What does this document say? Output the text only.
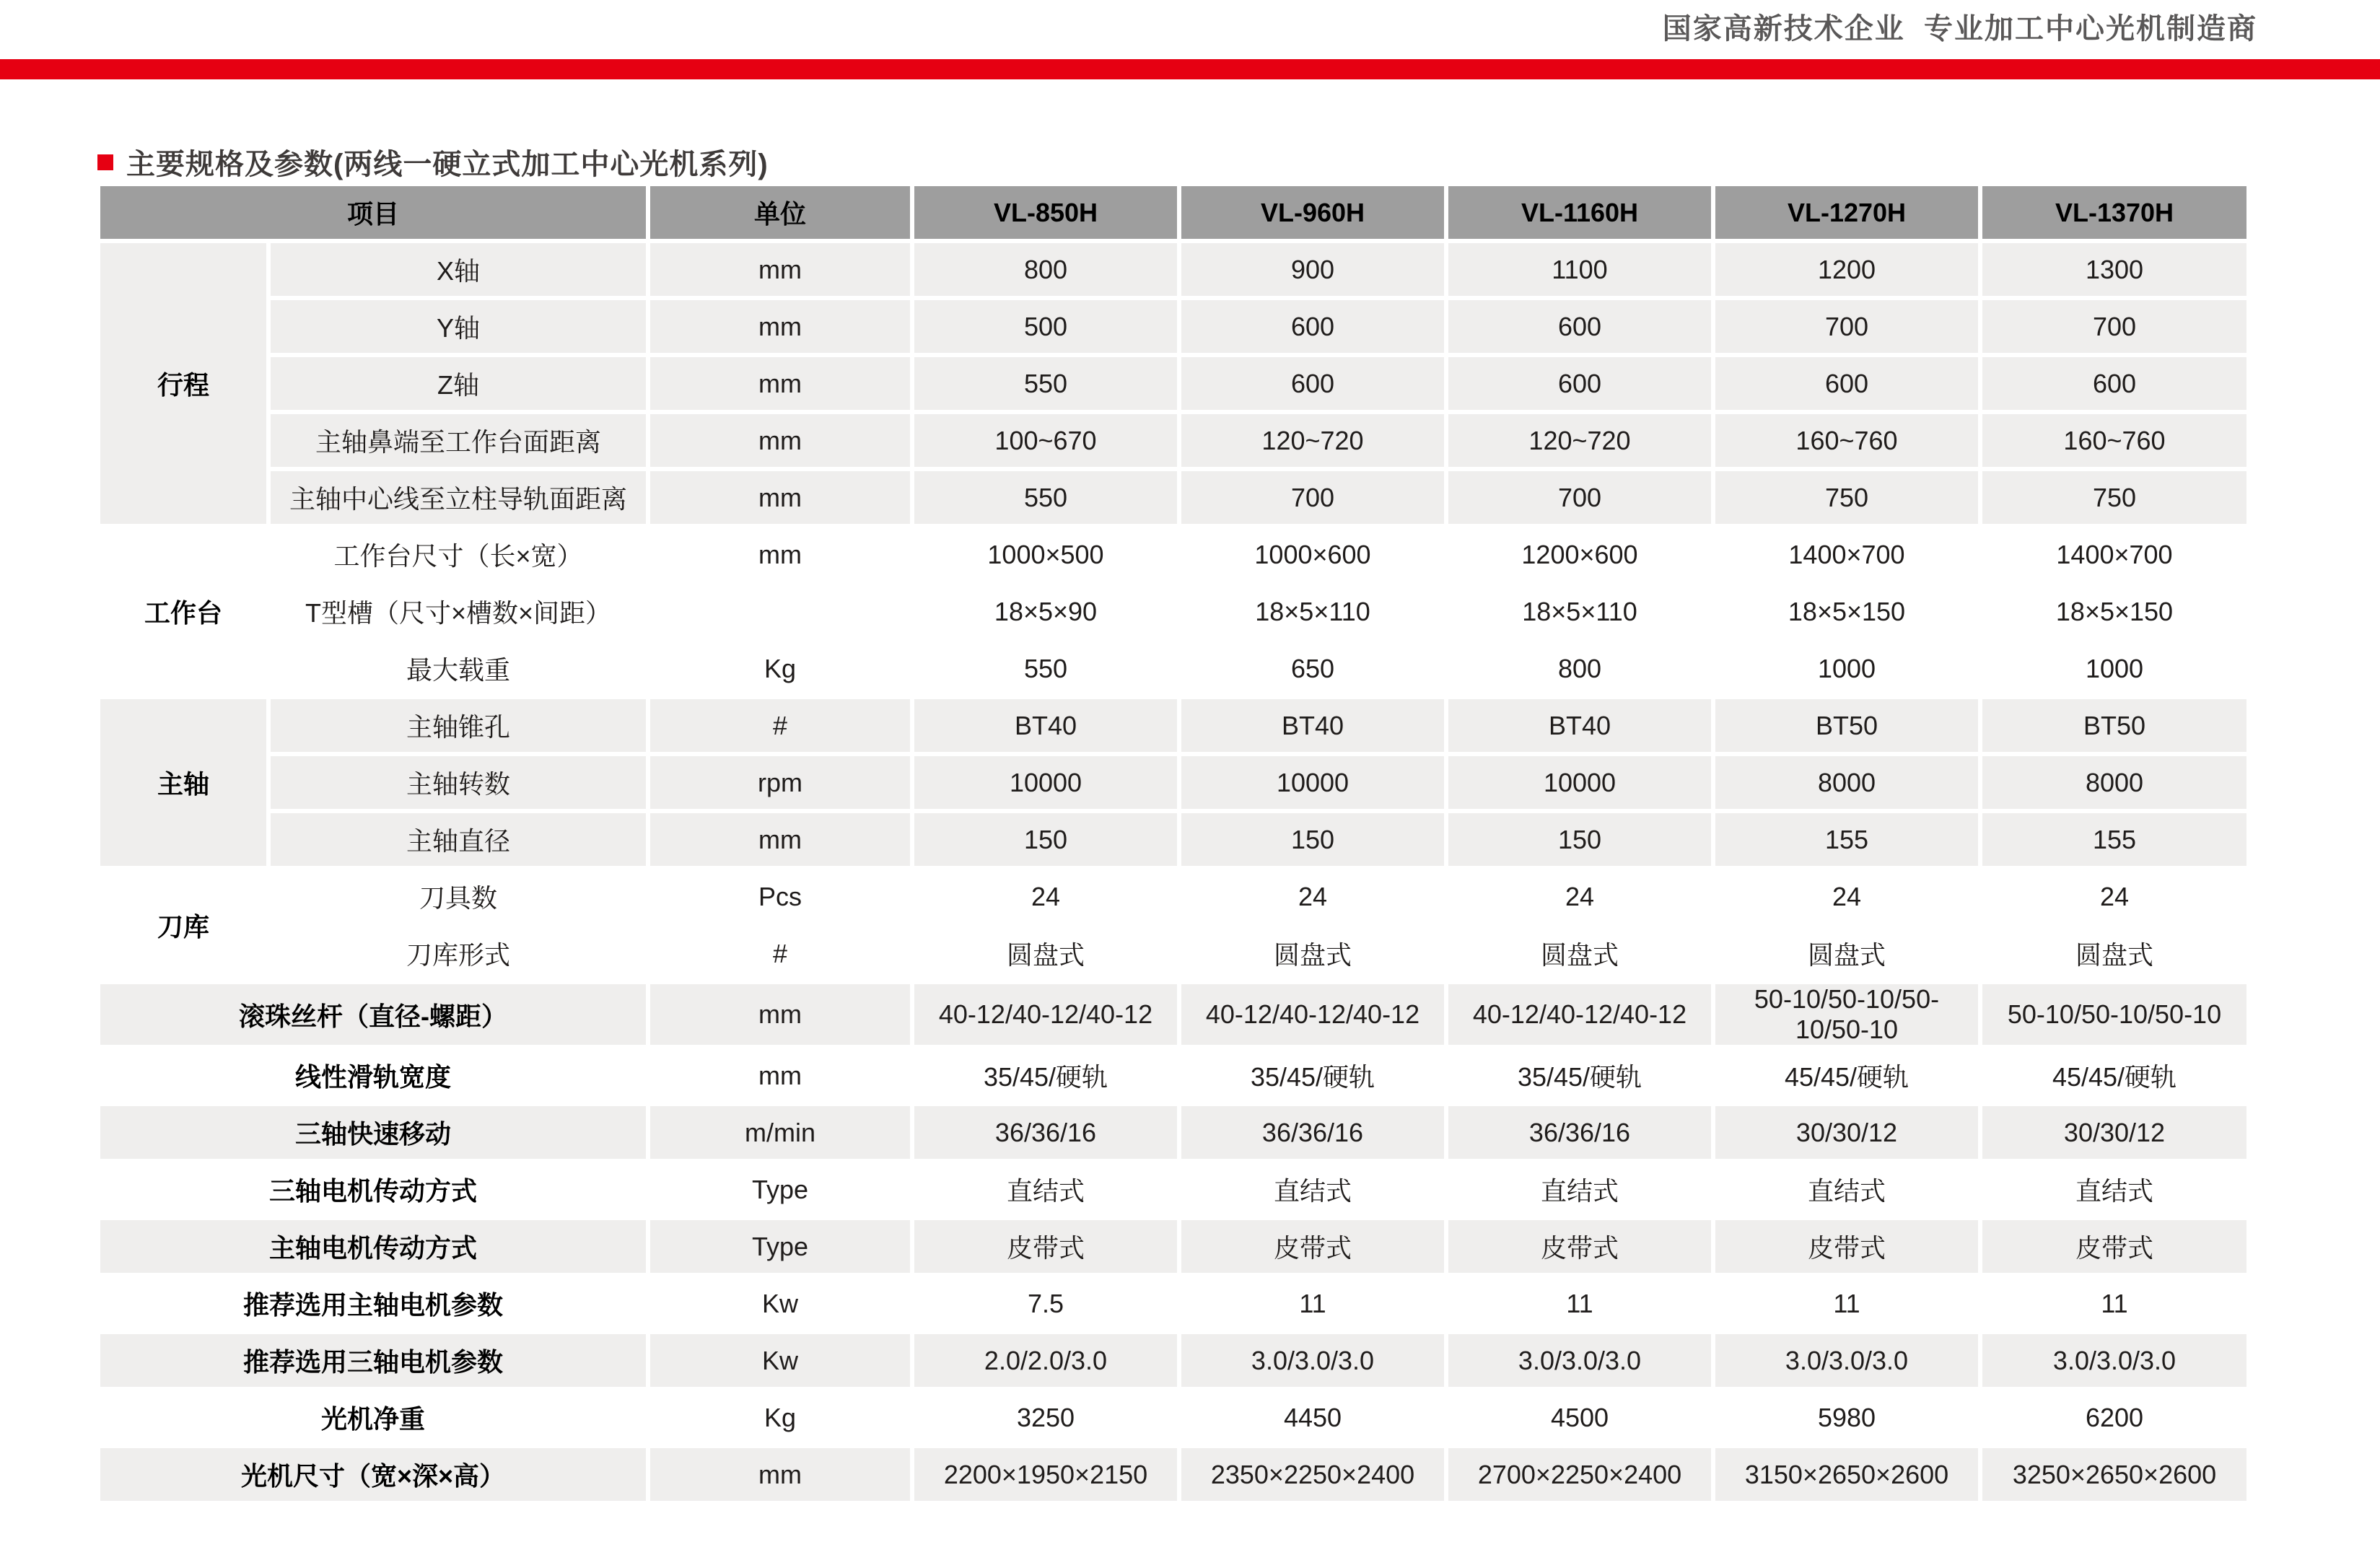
国家高新技术企业  专业加工中心光机制造商
主要规格及参数(两线一硬立式加工中心光机系列)
项目		单位	VL-850H	VL-960H	VL-1160H	VL-1270H	VL-1370H
行程	X轴	mm	800	900	1100	1200	1300
	Y轴	mm	500	600	600	700	700
	Z轴	mm	550	600	600	600	600
	主轴鼻端至工作台面距离	mm	100~670	120~720	120~720	160~760	160~760
	主轴中心线至立柱导轨面距离	mm	550	700	700	750	750
工作台	工作台尺寸（长×宽）	mm	1000×500	1000×600	1200×600	1400×700	1400×700
	T型槽（尺寸×槽数×间距）		18×5×90	18×5×110	18×5×110	18×5×150	18×5×150
	最大载重	Kg	550	650	800	1000	1000
主轴	主轴锥孔	#	BT40	BT40	BT40	BT50	BT50
	主轴转数	rpm	10000	10000	10000	8000	8000
	主轴直径	mm	150	150	150	155	155
刀库	刀具数	Pcs	24	24	24	24	24
	刀库形式	#	圆盘式	圆盘式	圆盘式	圆盘式	圆盘式
滚珠丝杆（直径-螺距）		mm	40-12/40-12/40-12	40-12/40-12/40-12	40-12/40-12/40-12	50-10/50-10/50-10/50-10	50-10/50-10/50-10
线性滑轨宽度		mm	35/45/硬轨	35/45/硬轨	35/45/硬轨	45/45/硬轨	45/45/硬轨
三轴快速移动		m/min	36/36/16	36/36/16	36/36/16	30/30/12	30/30/12
三轴电机传动方式		Type	直结式	直结式	直结式	直结式	直结式
主轴电机传动方式		Type	皮带式	皮带式	皮带式	皮带式	皮带式
推荐选用主轴电机参数		Kw	7.5	11	11	11	11
推荐选用三轴电机参数		Kw	2.0/2.0/3.0	3.0/3.0/3.0	3.0/3.0/3.0	3.0/3.0/3.0	3.0/3.0/3.0
光机净重		Kg	3250	4450	4500	5980	6200
光机尺寸（宽×深×高）		mm	2200×1950×2150	2350×2250×2400	2700×2250×2400	3150×2650×2600	3250×2650×2600
